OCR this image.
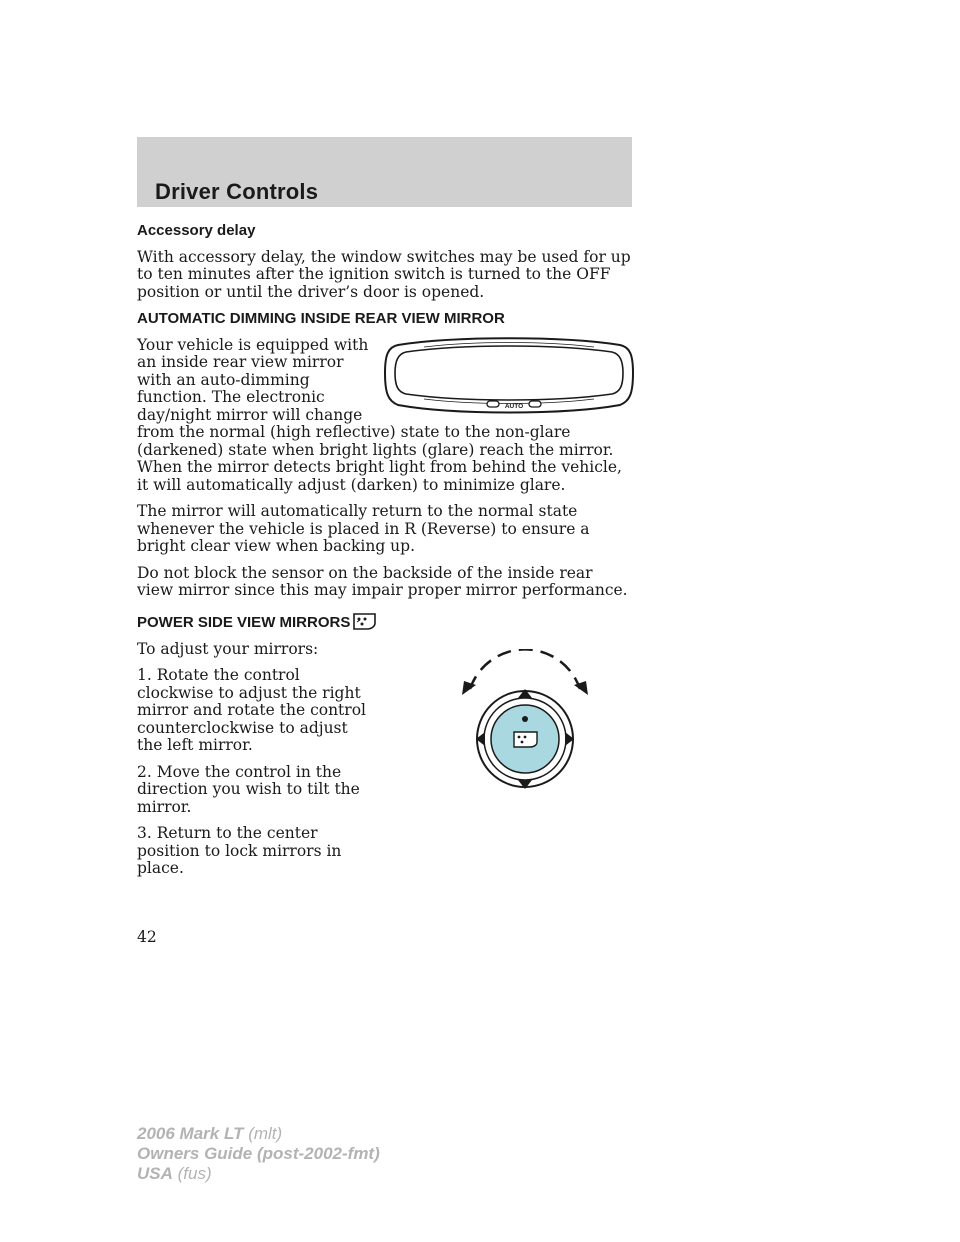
Driver Controls
Accessory delay

With accessory delay, the window switches may be used for up to ten minutes after the ignition switch is turned to the OFF position or until the driver’s door is opened.

AUTOMATIC DIMMING INSIDE REAR VIEW MIRROR
AUTO

Your vehicle is equipped with an inside rear view mirror with an auto-dimming function. The electronic day/night mirror will change from the normal (high reflective) state to the non-glare (darkened) state when bright lights (glare) reach the mirror. When the mirror detects bright light from behind the vehicle, it will automatically adjust (darken) to minimize glare.

The mirror will automatically return to the normal state whenever the vehicle is placed in R (Reverse) to ensure a bright clear view when backing up.

Do not block the sensor on the backside of the inside rear view mirror since this may impair proper mirror performance.

POWER SIDE VIEW MIRRORS

To adjust your mirrors:

1. Rotate the control clockwise to adjust the right mirror and rotate the control counterclockwise to adjust the left mirror.

2. Move the control in the direction you wish to tilt the mirror.

3. Return to the center position to lock mirrors in place.

42
2006 Mark LT (mlt)
Owners Guide (post-2002-fmt)
USA (fus)
